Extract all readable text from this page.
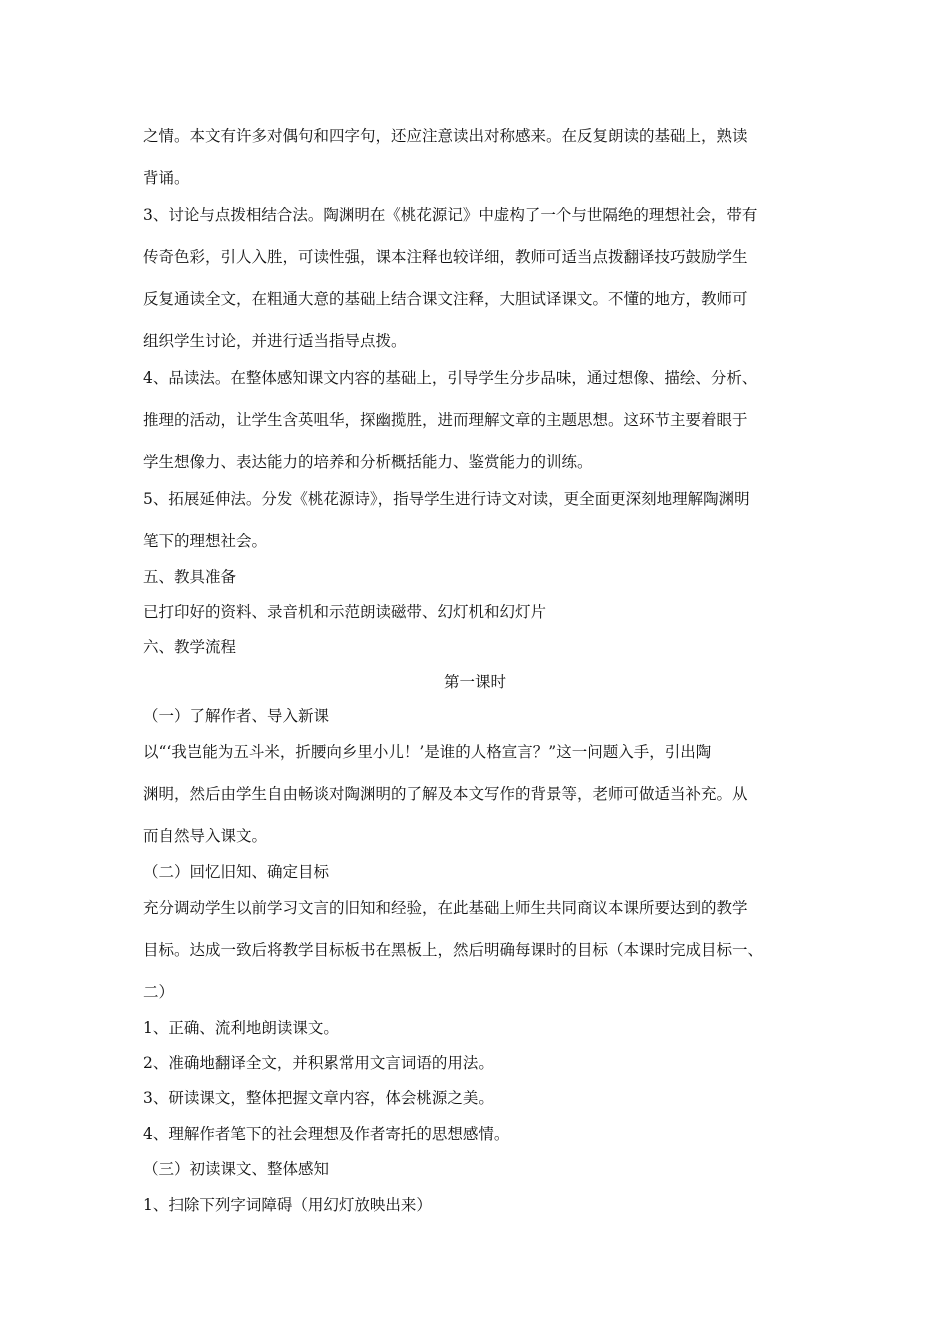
之情。本文有许多对偶句和四字句，还应注意读出对称感来。在反复朗读的基础上，熟读
背诵。
3、讨论与点拨相结合法。陶渊明在《桃花源记》中虚构了一个与世隔绝的理想社会，带有
传奇色彩，引人入胜，可读性强，课本注释也较详细，教师可适当点拨翻译技巧鼓励学生
反复通读全文，在粗通大意的基础上结合课文注释，大胆试译课文。不懂的地方，教师可
组织学生讨论，并进行适当指导点拨。
4、品读法。在整体感知课文内容的基础上，引导学生分步品味，通过想像、描绘、分析、
推理的活动，让学生含英咀华，探幽揽胜，进而理解文章的主题思想。这环节主要着眼于
学生想像力、表达能力的培养和分析概括能力、鉴赏能力的训练。
5、拓展延伸法。分发《桃花源诗》，指导学生进行诗文对读，更全面更深刻地理解陶渊明
笔下的理想社会。
五、教具准备
已打印好的资料、录音机和示范朗读磁带、幻灯机和幻灯片
六、教学流程
第一课时
（一）了解作者、导入新课
以“‘我岂能为五斗米，折腰向乡里小儿！’是谁的人格宣言？”这一问题入手，引出陶
渊明，然后由学生自由畅谈对陶渊明的了解及本文写作的背景等，老师可做适当补充。从
而自然导入课文。
（二）回忆旧知、确定目标
充分调动学生以前学习文言的旧知和经验，在此基础上师生共同商议本课所要达到的教学
目标。达成一致后将教学目标板书在黑板上，然后明确每课时的目标（本课时完成目标一、
二）
1、正确、流利地朗读课文。
2、准确地翻译全文，并积累常用文言词语的用法。
3、研读课文，整体把握文章内容，体会桃源之美。
4、理解作者笔下的社会理想及作者寄托的思想感情。
（三）初读课文、整体感知
1、扫除下列字词障碍（用幻灯放映出来）
